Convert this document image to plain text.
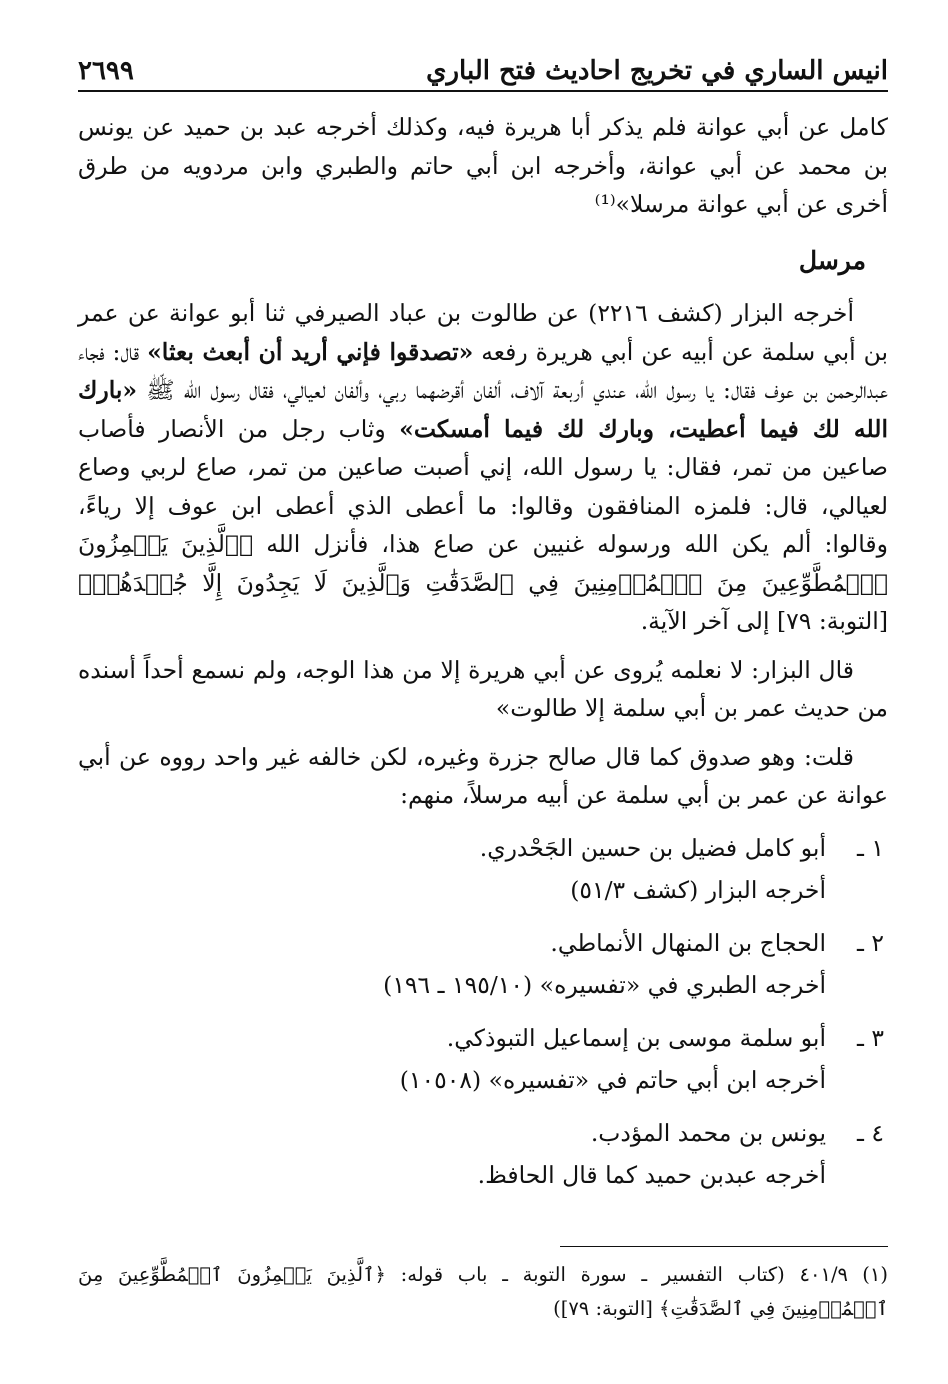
انيس الساري في تخريج احاديث فتح الباري
٢٦٩٩

كامل عن أبي عوانة فلم يذكر أبا هريرة فيه، وكذلك أخرجه عبد بن حميد عن يونس بن محمد عن أبي عوانة، وأخرجه ابن أبي حاتم والطبري وابن مردويه من طرق أخرى عن أبي عوانة مرسلا»⁽¹⁾

مرسل

أخرجه البزار (كشف ٢٢١٦) عن طالوت بن عباد الصيرفي ثنا أبو عوانة عن عمر بن أبي سلمة عن أبيه عن أبي هريرة رفعه «تصدقوا فإني أريد أن أبعث بعثا» قال: فجاء عبدالرحمن بن عوف فقال: يا رسول الله، عندي أربعة آلاف، ألفان أقرضهما ربي، وألفان لعيالي، فقال رسول الله ﷺ «بارك الله لك فيما أعطيت، وبارك لك فيما أمسكت» وثاب رجل من الأنصار فأصاب صاعين من تمر، فقال: يا رسول الله، إني أصبت صاعين من تمر، صاع لربي وصاع لعيالي، قال: فلمزه المنافقون وقالوا: ما أعطى الذي أعطى ابن عوف إلا رياءً، وقالوا: ألم يكن الله ورسوله غنيين عن صاع هذا، فأنزل الله ﴿ٱلَّذِينَ يَلۡمِزُونَ ٱلۡمُطَّوِّعِينَ مِنَ ٱلۡمُؤۡمِنِينَ فِي ٱلصَّدَقَٰتِ وَٱلَّذِينَ لَا يَجِدُونَ إِلَّا جُهۡدَهُمۡ﴾ [التوبة: ٧٩] إلى آخر الآية.

قال البزار: لا نعلمه يُروى عن أبي هريرة إلا من هذا الوجه، ولم نسمع أحداً أسنده من حديث عمر بن أبي سلمة إلا طالوت»

قلت: وهو صدوق كما قال صالح جزرة وغيره، لكن خالفه غير واحد رووه عن أبي عوانة عن عمر بن أبي سلمة عن أبيه مرسلاً، منهم:

١ ـأبو كامل فضيل بن حسين الجَحْدري.

أخرجه البزار (كشف ٥١/٣)

٢ ـالحجاج بن المنهال الأنماطي.

أخرجه الطبري في «تفسيره» (١٩٥/١٠ ـ ١٩٦)

٣ ـأبو سلمة موسى بن إسماعيل التبوذكي.

أخرجه ابن أبي حاتم في «تفسيره» (١٠٥٠٨)

٤ ـيونس بن محمد المؤدب.

أخرجه عبدبن حميد كما قال الحافظ.

(١)٤٠١/٩ (كتاب التفسير ـ سورة التوبة ـ باب قوله: ﴿ٱلَّذِينَ يَلۡمِزُونَ ٱلۡمُطَّوِّعِينَ مِنَ ٱلۡمُؤۡمِنِينَ فِي ٱلصَّدَقَٰتِ﴾ [التوبة: ٧٩])
